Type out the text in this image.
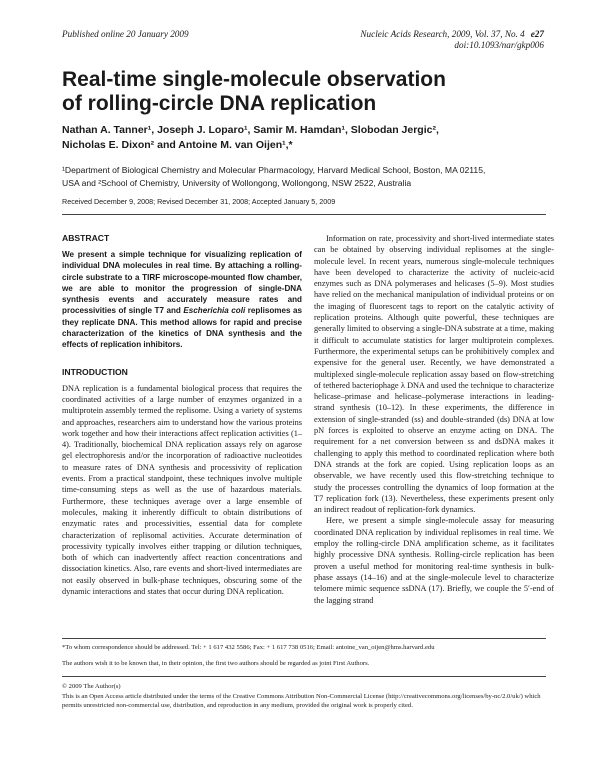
Published online 20 January 2009	Nucleic Acids Research, 2009, Vol. 37, No. 4 e27
doi:10.1093/nar/gkp006
Real-time single-molecule observation
of rolling-circle DNA replication
Nathan A. Tanner¹, Joseph J. Loparo¹, Samir M. Hamdan¹, Slobodan Jergic²,
Nicholas E. Dixon² and Antoine M. van Oijen¹,*
¹Department of Biological Chemistry and Molecular Pharmacology, Harvard Medical School, Boston, MA 02115,
USA and ²School of Chemistry, University of Wollongong, Wollongong, NSW 2522, Australia
Received December 9, 2008; Revised December 31, 2008; Accepted January 5, 2009
ABSTRACT

We present a simple technique for visualizing replication of individual DNA molecules in real time. By attaching a rolling-circle substrate to a TIRF microscope-mounted flow chamber, we are able to monitor the progression of single-DNA synthesis events and accurately measure rates and processivities of single T7 and Escherichia coli replisomes as they replicate DNA. This method allows for rapid and precise characterization of the kinetics of DNA synthesis and the effects of replication inhibitors.

INTRODUCTION

DNA replication is a fundamental biological process that requires the coordinated activities of a large number of enzymes organized in a multiprotein assembly termed the replisome. Using a variety of systems and approaches, researchers aim to understand how the various proteins work together and how their interactions affect replication activities (1–4). Traditionally, biochemical DNA replication assays rely on agarose gel electrophoresis and/or the incorporation of radioactive nucleotides to measure rates of DNA synthesis and processivity of replication events. From a practical standpoint, these techniques involve multiple time-consuming steps as well as the use of hazardous materials. Furthermore, these techniques average over a large ensemble of molecules, making it inherently difficult to obtain distributions of enzymatic rates and processivities, essential data for complete characterization of replisomal activities. Accurate determination of processivity typically involves either trapping or dilution techniques, both of which can inadvertently affect reaction concentrations and dissociation kinetics. Also, rare events and short-lived intermediates are not easily observed in bulk-phase techniques, obscuring some of the dynamic interactions and states that occur during DNA replication.

Information on rate, processivity and short-lived intermediate states can be obtained by observing individual replisomes at the single-molecule level. In recent years, numerous single-molecule techniques have been developed to characterize the activity of nucleic-acid enzymes such as DNA polymerases and helicases (5–9). Most studies have relied on the mechanical manipulation of individual proteins or on the imaging of fluorescent tags to report on the catalytic activity of replication proteins. Although quite powerful, these techniques are generally limited to observing a single-DNA substrate at a time, making it difficult to accumulate statistics for larger multiprotein complexes. Furthermore, the experimental setups can be prohibitively complex and expensive for the general user. Recently, we have demonstrated a multiplexed single-molecule replication assay based on flow-stretching of tethered bacteriophage λ DNA and used the technique to characterize helicase–primase and helicase–polymerase interactions in leading-strand synthesis (10–12). In these experiments, the difference in extension of single-stranded (ss) and double-stranded (ds) DNA at low pN forces is exploited to observe an enzyme acting on DNA. The requirement for a net conversion between ss and dsDNA makes it challenging to apply this method to coordinated replication where both DNA strands at the fork are copied. Using replication loops as an observable, we have recently used this flow-stretching technique to study the processes controlling the dynamics of loop formation at the T7 replication fork (13). Nevertheless, these experiments present only an indirect readout of replication-fork dynamics.

Here, we present a simple single-molecule assay for measuring coordinated DNA replication by individual replisomes in real time. We employ the rolling-circle DNA amplification scheme, as it facilitates highly processive DNA synthesis. Rolling-circle replication has been proven a useful method for monitoring real-time synthesis in bulk-phase assays (14–16) and at the single-molecule level to characterize telomere mimic sequence ssDNA (17). Briefly, we couple the 5′-end of the lagging strand

*To whom correspondence should be addressed. Tel: + 1 617 432 5586; Fax: + 1 617 738 0516; Email: antoine_van_oijen@hms.harvard.edu
The authors wish it to be known that, in their opinion, the first two authors should be regarded as joint First Authors.
© 2009 The Author(s)
This is an Open Access article distributed under the terms of the Creative Commons Attribution Non-Commercial License (http://creativecommons.org/licenses/by-nc/2.0/uk/) which permits unrestricted non-commercial use, distribution, and reproduction in any medium, provided the original work is properly cited.
